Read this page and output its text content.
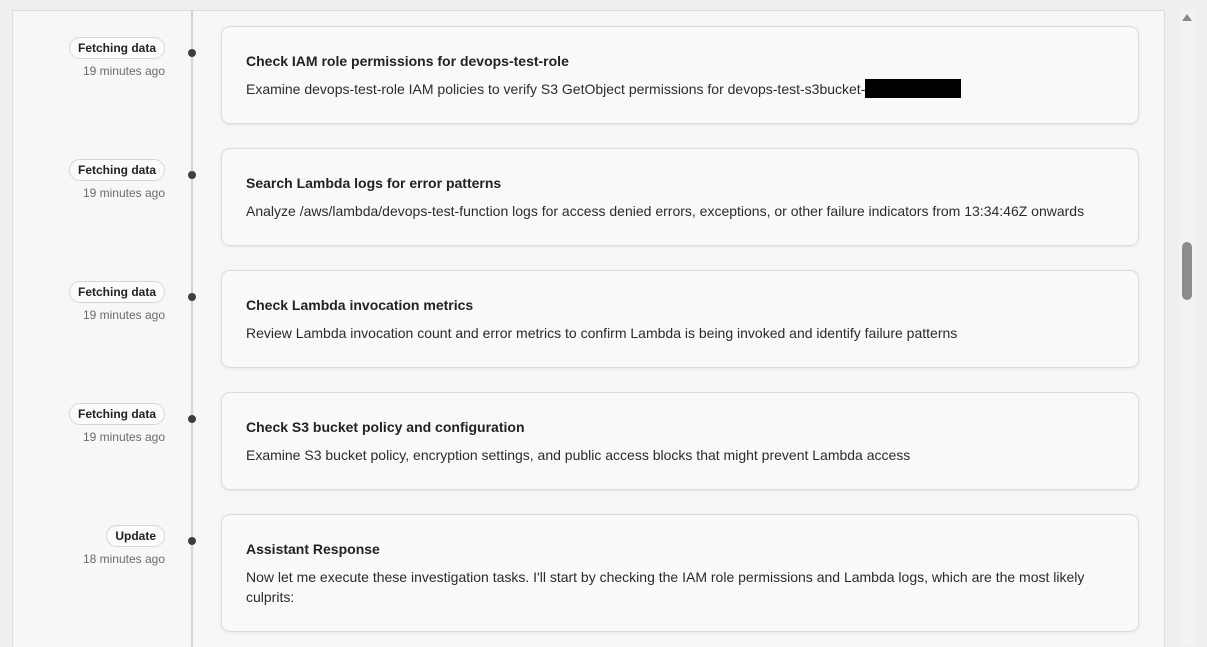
Fetching data
19 minutes ago
Check IAM role permissions for devops-test-role
Examine devops-test-role IAM policies to verify S3 GetObject permissions for devops-test-s3bucket-
Fetching data
19 minutes ago
Search Lambda logs for error patterns
Analyze /aws/lambda/devops-test-function logs for access denied errors, exceptions, or other failure indicators from 13:34:46Z onwards
Fetching data
19 minutes ago
Check Lambda invocation metrics
Review Lambda invocation count and error metrics to confirm Lambda is being invoked and identify failure patterns
Fetching data
19 minutes ago
Check S3 bucket policy and configuration
Examine S3 bucket policy, encryption settings, and public access blocks that might prevent Lambda access
Update
18 minutes ago
Assistant Response
Now let me execute these investigation tasks. I'll start by checking the IAM role permissions and Lambda logs, which are the most likely culprits:
